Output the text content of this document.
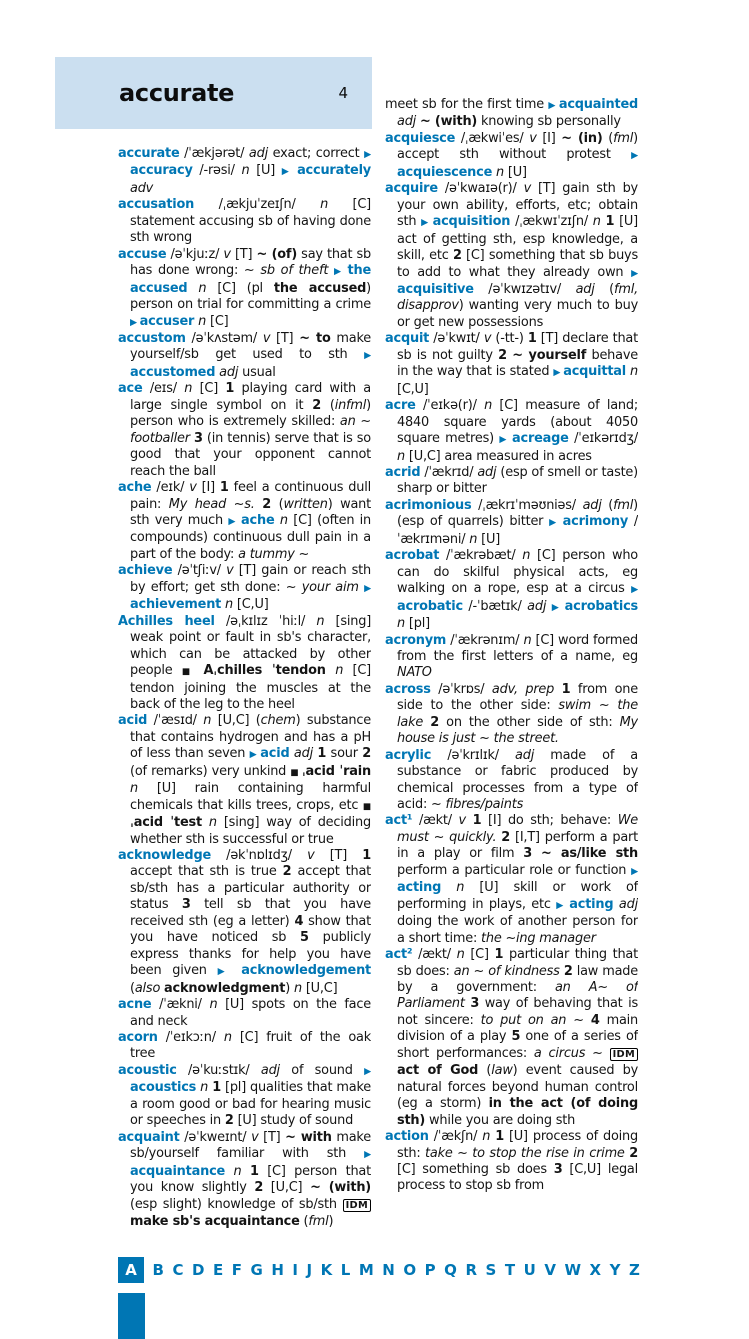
accurate	4
accurate /ˈækjərət/ adj exact; correct ▶ accuracy /-rəsi/ n [U] ▶ accurately adv
accusation /ˌækjuˈzeɪʃn/ n [C] statement accusing sb of having done sth wrong
accuse /əˈkjuːz/ v [T] ~ (of) say that sb has done wrong: ~ sb of theft ▶ the accused n [C] (pl the accused) person on trial for committing a crime ▶ accuser n [C]
accustom /əˈkʌstəm/ v [T] ~ to make yourself/sb get used to sth ▶ accustomed adj usual
ace /eɪs/ n [C] 1 playing card with a large single symbol on it 2 (infml) person who is extremely skilled: an ~ footballer 3 (in tennis) serve that is so good that your opponent cannot reach the ball
ache /eɪk/ v [I] 1 feel a continuous dull pain: My head ~s. 2 (written) want sth very much ▶ ache n [C] (often in compounds) continuous dull pain in a part of the body: a tummy ~
achieve /əˈtʃiːv/ v [T] gain or reach sth by effort; get sth done: ~ your aim ▶ achievement n [C,U]
Achilles heel /əˌkɪlɪz ˈhiːl/ n [sing] weak point or fault in sb's character, which can be attacked by other people ■ Aˌchilles ˈtendon n [C] tendon joining the muscles at the back of the leg to the heel
acid /ˈæsɪd/ n [U,C] (chem) substance that contains hydrogen and has a pH of less than seven ▶ acid adj 1 sour 2 (of remarks) very unkind ■ ˌacid ˈrain n [U] rain containing harmful chemicals that kills trees, crops, etc ■ ˌacid ˈtest n [sing] way of deciding whether sth is successful or true
acknowledge /əkˈnɒlɪdʒ/ v [T] 1 accept that sth is true 2 accept that sb/sth has a particular authority or status 3 tell sb that you have received sth (eg a letter) 4 show that you have noticed sb 5 publicly express thanks for help you have been given ▶ acknowledgement (also acknowledgment) n [U,C]
acne /ˈækni/ n [U] spots on the face and neck
acorn /ˈeɪkɔːn/ n [C] fruit of the oak tree
acoustic /əˈkuːstɪk/ adj of sound ▶ acoustics n 1 [pl] qualities that make a room good or bad for hearing music or speeches in 2 [U] study of sound
acquaint /əˈkweɪnt/ v [T] ~ with make sb/yourself familiar with sth ▶ acquaintance n 1 [C] person that you know slightly 2 [U,C] ~ (with) (esp slight) knowledge of sb/sth IDM make sb's acquaintance (fml)
meet sb for the first time ▶ acquainted adj ~ (with) knowing sb personally
acquiesce /ˌækwiˈes/ v [I] ~ (in) (fml) accept sth without protest ▶ acquiescence n [U]
acquire /əˈkwaɪə(r)/ v [T] gain sth by your own ability, efforts, etc; obtain sth ▶ acquisition /ˌækwɪˈzɪʃn/ n 1 [U] act of getting sth, esp knowledge, a skill, etc 2 [C] something that sb buys to add to what they already own ▶ acquisitive /əˈkwɪzətɪv/ adj (fml, disapprov) wanting very much to buy or get new possessions
acquit /əˈkwɪt/ v (-tt-) 1 [T] declare that sb is not guilty 2 ~ yourself behave in the way that is stated ▶ acquittal n [C,U]
acre /ˈeɪkə(r)/ n [C] measure of land; 4840 square yards (about 4050 square metres) ▶ acreage /ˈeɪkərɪdʒ/ n [U,C] area measured in acres
acrid /ˈækrɪd/ adj (esp of smell or taste) sharp or bitter
acrimonious /ˌækrɪˈməʊniəs/ adj (fml) (esp of quarrels) bitter ▶ acrimony /ˈækrɪməni/ n [U]
acrobat /ˈækrəbæt/ n [C] person who can do skilful physical acts, eg walking on a rope, esp at a circus ▶ acrobatic /-ˈbætɪk/ adj ▶ acrobatics n [pl]
acronym /ˈækrənɪm/ n [C] word formed from the first letters of a name, eg NATO
across /əˈkrɒs/ adv, prep 1 from one side to the other side: swim ~ the lake 2 on the other side of sth: My house is just ~ the street.
acrylic /əˈkrɪlɪk/ adj made of a substance or fabric produced by chemical processes from a type of acid: ~ fibres/paints
act¹ /ækt/ v 1 [I] do sth; behave: We must ~ quickly. 2 [I,T] perform a part in a play or film 3 ~ as/like sth perform a particular role or function ▶ acting n [U] skill or work of performing in plays, etc ▶ acting adj doing the work of another person for a short time: the ~ing manager
act² /ækt/ n [C] 1 particular thing that sb does: an ~ of kindness 2 law made by a government: an A~ of Parliament 3 way of behaving that is not sincere: to put on an ~ 4 main division of a play 5 one of a series of short performances: a circus ~ IDM act of God (law) event caused by natural forces beyond human control (eg a storm) in the act (of doing sth) while you are doing sth
action /ˈækʃn/ n 1 [U] process of doing sth: take ~ to stop the rise in crime 2 [C] something sb does 3 [C,U] legal process to stop sb from
A	B C D E F G H I J K L M N O P Q R S T U V W X Y Z
